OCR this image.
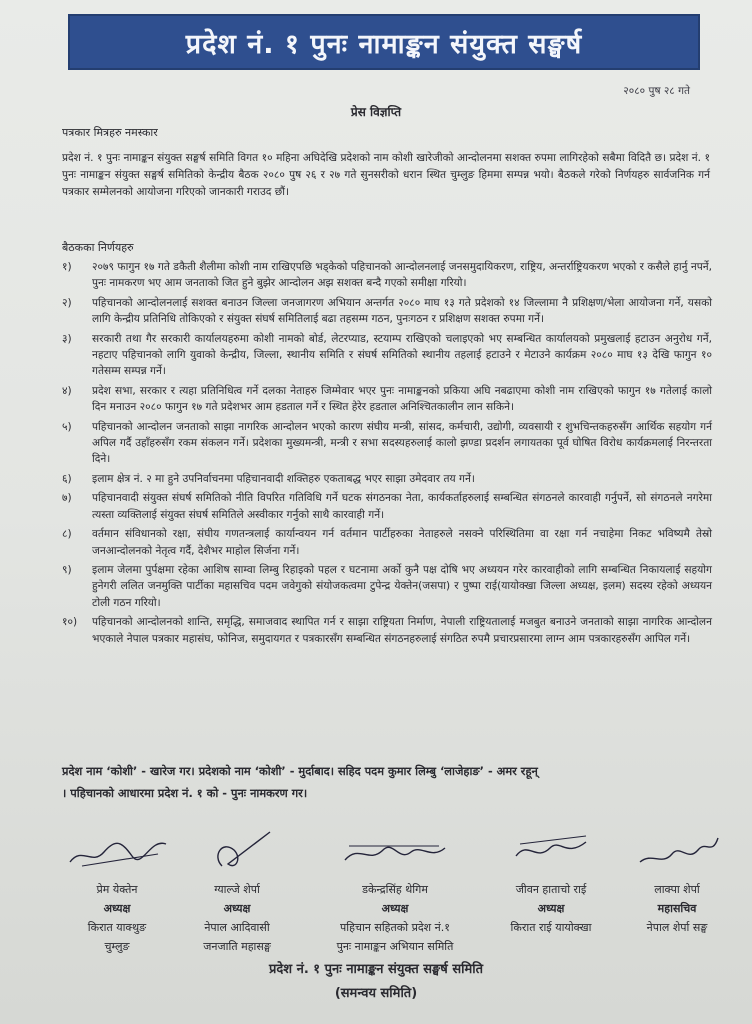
प्रदेश नं. १ पुनः नामाङ्कन संयुक्त सङ्घर्ष
२०८० पुष २८ गते
प्रेस विज्ञप्ति
पत्रकार मित्रहरु नमस्कार
प्रदेश नं. १ पुनः नामाङ्कन संयुक्त सङ्घर्ष समिति विगत १० महिना अघिदेखि प्रदेशको नाम कोशी खारेजीको आन्दोलनमा सशक्त रुपमा लागिरहेको सबैमा विदितै छ। प्रदेश नं. १ पुनः नामाङ्कन संयुक्त सङ्घर्ष समितिको केन्द्रीय बैठक २०८० पुष २६ र २७ गते सुनसरीको धरान स्थित चुम्लुङ हिममा सम्पन्न भयो। बैठकले गरेको निर्णयहरु सार्वजनिक गर्न पत्रकार सम्मेलनको आयोजना गरिएको जानकारी गराउद छौं।
बैठकका निर्णयहरु
१) २०७९ फागुन १७ गते डकैती शैलीमा कोशी नाम राखिएपछि भड्केको पहिचानको आन्दोलनलाई जनसमुदायिकरण, राष्ट्रिय, अन्तर्राष्ट्रियकरण भएको र कसैले हार्नु नपर्ने, पुनः नामकरण भए आम जनताको जित हुने बुझेर आन्दोलन अझ सशक्त बन्दै गएको समीक्षा गरियो।
२) पहिचानको आन्दोलनलाई सशक्त बनाउन जिल्ला जनजागरण अभियान अन्तर्गत २०८० माघ १३ गते प्रदेशको १४ जिल्लामा नै प्रशिक्षण/भेला आयोजना गर्ने, यसको लागि केन्द्रीय प्रतिनिधि तोकिएको र संयुक्त संघर्ष समितिलाई बढा तहसम्म गठन, पुनःगठन र प्रशिक्षण सशक्त रुपमा गर्ने।
३) सरकारी तथा गैर सरकारी कार्यालयहरुमा कोशी नामको बोर्ड, लेटरप्याड, स्टयाम्प राखिएको चलाइएको भए सम्बन्धित कार्यालयको प्रमुखलाई हटाउन अनुरोध गर्ने, नहटाए पहिचानको लागि युवाको केन्द्रीय, जिल्ला, स्थानीय समिति र संघर्ष समितिको स्थानीय तहलाई हटाउने र मेटाउने कार्यक्रम २०८० माघ १३ देखि फागुन १० गतेसम्म सम्पन्न गर्ने।
४) प्रदेश सभा, सरकार र त्यहा प्रतिनिधित्व गर्ने दलका नेताहरु जिम्मेवार भएर पुनः नामाङ्कनको प्रकिया अघि नबढाएमा कोशी नाम राखिएको फागुन १७ गतेलाई कालो दिन मनाउन २०८० फागुन १७ गते प्रदेशभर आम हडताल गर्ने र स्थित हेरेर हडताल अनिश्चितकालीन लान सकिने।
५) पहिचानको आन्दोलन जनताको साझा नागरिक आन्दोलन भएको कारण संघीय मन्त्री, सांसद, कर्मचारी, उद्योगी, व्यवसायी र शुभचिन्तकहरुसँग आर्थिक सहयोग गर्न अपिल गर्दै उहाँहरुसँग रकम संकलन गर्ने। प्रदेशका मुख्यमन्त्री, मन्त्री र सभा सदस्यहरुलाई कालो झण्डा प्रदर्शन लगायतका पूर्व घोषित विरोध कार्यक्रमलाई निरन्तरता दिने।
६) इलाम क्षेत्र नं. २ मा हुने उपनिर्वाचनमा पहिचानवादी शक्तिहरु एकताबद्ध भएर साझा उमेदवार तय गर्ने।
७) पहिचानवादी संयुक्त संघर्ष समितिको नीति विपरित गतिविधि गर्ने घटक संगठनका नेता, कार्यकर्ताहरुलाई सम्बन्धित संगठनले कारवाही गर्नुपर्ने, सो संगठनले नगरेमा त्यस्ता व्यक्तिलाई संयुक्त संघर्ष समितिले अस्वीकार गर्नुको साथै कारवाही गर्ने।
८) वर्तमान संविधानको रक्षा, संघीय गणतन्त्रलाई कार्यान्वयन गर्न वर्तमान पार्टीहरुका नेताहरुले नसक्ने परिस्थितिमा वा रक्षा गर्न नचाहेमा निकट भविष्यमै तेस्रो जनआन्दोलनको नेतृत्व गर्दै, देशैभर माहोल सिर्जना गर्ने।
९) इलाम जेलमा पुर्पक्षमा रहेका आशिष साम्वा लिम्बु रिहाइको पहल र घटनामा अर्को कुनै पक्ष दोषि भए अध्ययन गरेर कारवाहीको लागि सम्बन्धित निकायलाई सहयोग हुनेगरी ललित जनमुक्ति पार्टीका महासचिव पदम जवेगुको संयोजकत्वमा टुपेन्द्र येक्तेन(जसपा) र पुष्पा राई(यायोक्खा जिल्ला अध्यक्ष, इलम) सदस्य रहेको अध्ययन टोली गठन गरियो।
१०) पहिचानको आन्दोलनको शान्ति, समृद्धि, समाजवाद स्थापित गर्न र साझा राष्ट्रियता निर्माण, नेपाली राष्ट्रियतालाई मजबुत बनाउने जनताको साझा नागरिक आन्दोलन भएकाले नेपाल पत्रकार महासंघ, फोनिज, समुदायगत र पत्रकारसँग सम्बन्धित संगठनहरुलाई संगठित रुपमै प्रचारप्रसारमा लाग्न आम पत्रकारहरुसँग आपिल गर्ने।
प्रदेश नाम ‘कोशी’ - खारेज गर। प्रदेशको नाम ‘कोशी’ - मुर्दाबाद। सहिद पदम कुमार लिम्बु ‘लाजेहाङ’ - अमर रहून्
। पहिचानको आधारमा प्रदेश नं. १ को - पुनः नामकरण गर।
प्रेम येक्तेन
अध्यक्ष
किरात याक्थुङ
चुम्लुङ
ग्याल्जे शेर्पा
अध्यक्ष
नेपाल आदिवासी
जनजाति महासङ्घ
डकेन्द्रसिंह थेगिम
अध्यक्ष
पहिचान सहितको प्रदेश नं.१
पुनः नामाङ्कन अभियान समिति
जीवन हाताचो राई
अध्यक्ष
किरात राई यायोक्खा
लाक्पा शेर्पा
महासचिव
नेपाल शेर्पा सङ्घ
प्रदेश नं. १ पुनः नामाङ्कन संयुक्त सङ्घर्ष समिति
(समन्वय समिति)
